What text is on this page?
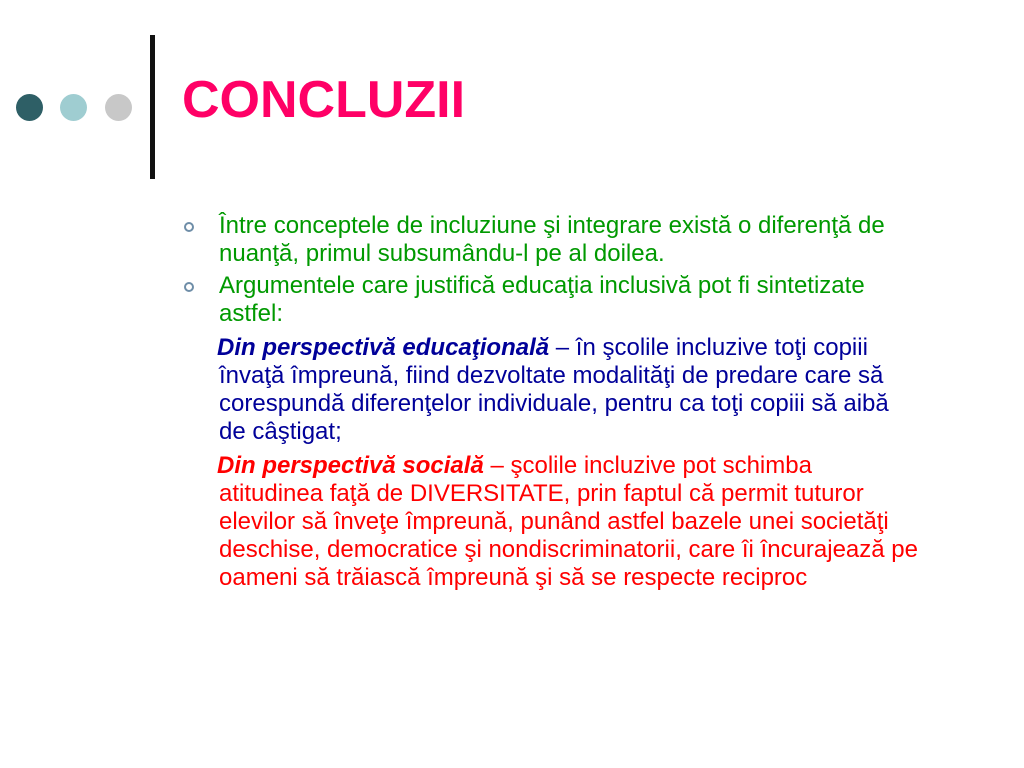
CONCLUZII
Între conceptele de incluziune şi integrare există o diferenţă de nuanţă, primul subsumându-l pe al doilea.
Argumentele care justifică educaţia inclusivă pot fi sintetizate astfel:
Din perspectivă educaţională – în şcolile incluzive toţi copiii învaţă împreună, fiind dezvoltate modalităţi de predare care să corespundă diferenţelor individuale, pentru ca toţi copiii să aibă de câştigat;
Din perspectivă socială – şcolile incluzive pot schimba atitudinea faţă de DIVERSITATE, prin faptul că permit tuturor elevilor să înveţe împreună, punând astfel bazele unei societăţi deschise, democratice şi nondiscriminatorii, care îi încurajează pe oameni să trăiască împreună şi să se respecte reciproc
